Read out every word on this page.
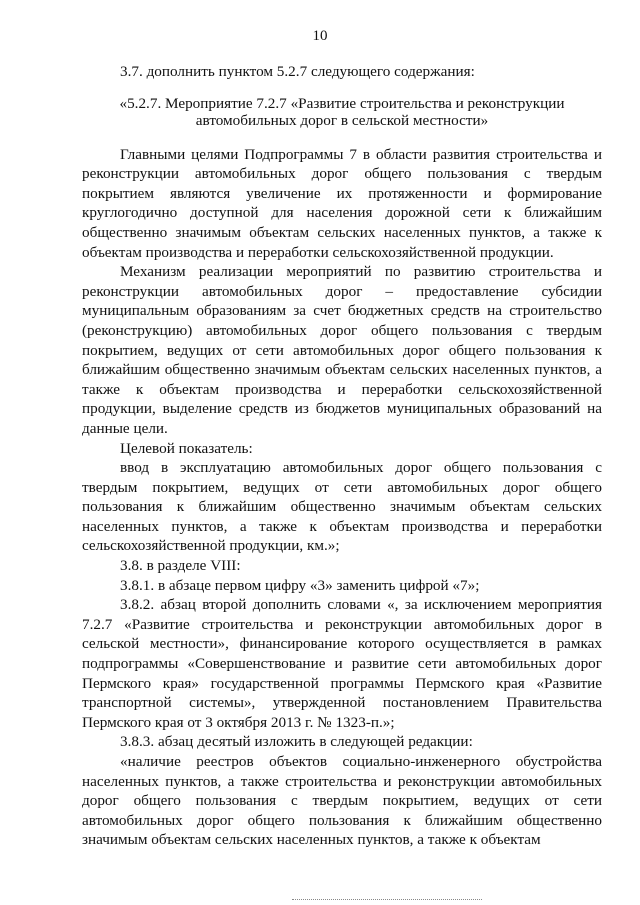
10

3.7. дополнить пунктом 5.2.7 следующего содержания:

«5.2.7. Мероприятие 7.2.7 «Развитие строительства и реконструкции автомобильных дорог в сельской местности»

Главными целями Подпрограммы 7 в области развития строительства и реконструкции автомобильных дорог общего пользования с твердым покрытием являются увеличение их протяженности и формирование круглогодично доступной для населения дорожной сети к ближайшим общественно значимым объектам сельских населенных пунктов, а также к объектам производства и переработки сельскохозяйственной продукции.

Механизм реализации мероприятий по развитию строительства и реконструкции автомобильных дорог – предоставление субсидии муниципальным образованиям за счет бюджетных средств на строительство (реконструкцию) автомобильных дорог общего пользования с твердым покрытием, ведущих от сети автомобильных дорог общего пользования к ближайшим общественно значимым объектам сельских населенных пунктов, а также к объектам производства и переработки сельскохозяйственной продукции, выделение средств из бюджетов муниципальных образований на данные цели.

Целевой показатель:

ввод в эксплуатацию автомобильных дорог общего пользования с твердым покрытием, ведущих от сети автомобильных дорог общего пользования к ближайшим общественно значимым объектам сельских населенных пунктов, а также к объектам производства и переработки сельскохозяйственной продукции, км.»;

3.8. в разделе VIII:

3.8.1. в абзаце первом цифру «3» заменить цифрой «7»;

3.8.2. абзац второй дополнить словами «, за исключением мероприятия 7.2.7 «Развитие строительства и реконструкции автомобильных дорог в сельской местности», финансирование которого осуществляется в рамках подпрограммы «Совершенствование и развитие сети автомобильных дорог Пермского края» государственной программы Пермского края «Развитие транспортной системы», утвержденной постановлением Правительства Пермского края от 3 октября 2013 г. № 1323-п.»;

3.8.3. абзац десятый изложить в следующей редакции:

«наличие реестров объектов социально-инженерного обустройства населенных пунктов, а также строительства и реконструкции автомобильных дорог общего пользования с твердым покрытием, ведущих от сети автомобильных дорог общего пользования к ближайшим общественно значимым объектам сельских населенных пунктов, а также к объектам
